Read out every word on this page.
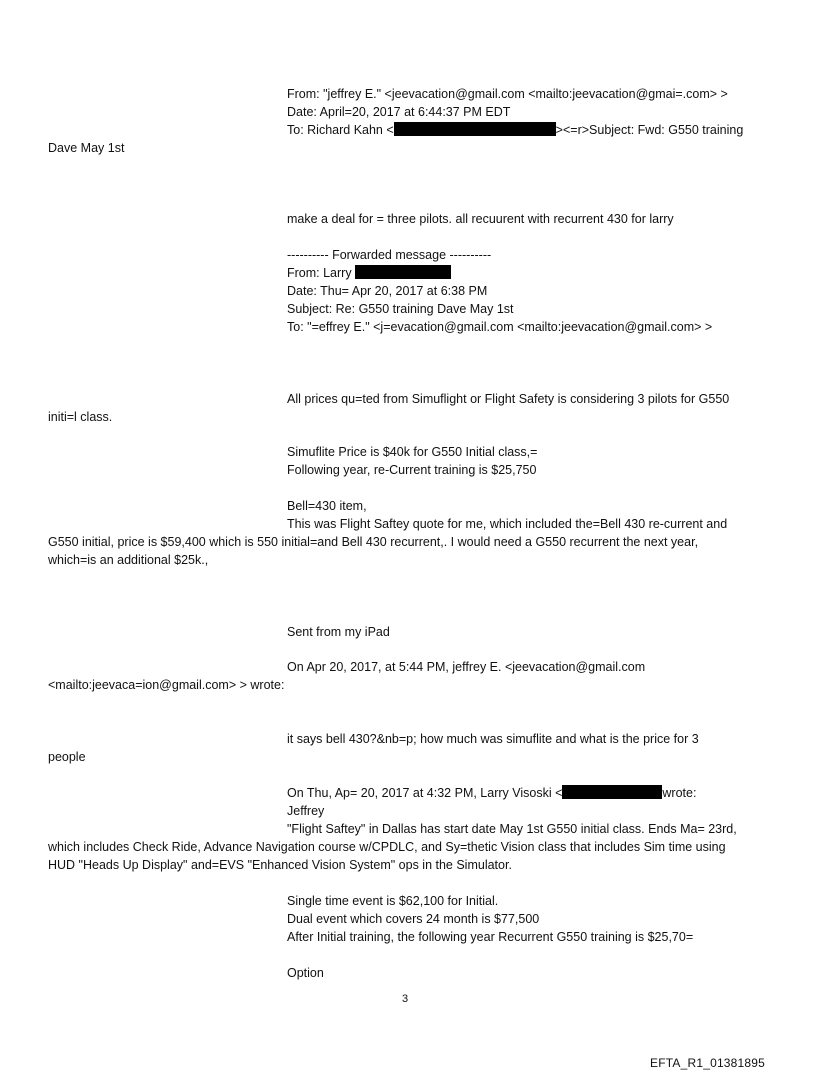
From: "jeffrey E." <jeevacation@gmail.com <mailto:jeevacation@gmai=.com> >
Date: April=20, 2017 at 6:44:37 PM EDT
To: Richard Kahn <	><=r>Subject: Fwd: G550 training
Dave May 1st
make a deal for = three pilots. all recuurent with recurrent 430 for larry
---------- Forwarded message ----------
From: Larry
Date: Thu= Apr 20, 2017 at 6:38 PM
Subject: Re: G550 training Dave May 1st
To: "=effrey E." <j=evacation@gmail.com <mailto:jeevacation@gmail.com> >
All prices qu=ted from Simuflight or Flight Safety is considering 3 pilots for G550
initi=l class.
Simuflite Price is $40k for G550 Initial class,=
Following year, re-Current training is $25,750
Bell=430 item,
This was Flight Saftey quote for me, which included the=Bell 430 re-current and
G550 initial, price is $59,400 which is 550 initial=and Bell 430 recurrent,. I would need a G550 recurrent the next year,
which=is an additional $25k.,
Sent from my iPad
On Apr 20, 2017, at 5:44 PM, jeffrey E. <jeevacation@gmail.com
<mailto:jeevaca=ion@gmail.com> > wrote:
it says bell 430?&nb=p; how much was simuflite and what is the price for 3
people
On Thu, Ap= 20, 2017 at 4:32 PM, Larry Visoski <	wrote:
Jeffrey
"Flight Saftey" in Dallas has start date May 1st G550 initial class. Ends Ma= 23rd,
which includes Check Ride, Advance Navigation course w/CPDLC, and Sy=thetic Vision class that includes Sim time using
HUD "Heads Up Display" and=EVS "Enhanced Vision System" ops in the Simulator.
Single time event is $62,100 for Initial.
Dual event which covers 24 month is $77,500
After Initial training, the following year Recurrent G550 training is $25,70=
Option
3
EFTA_R1_01381895
